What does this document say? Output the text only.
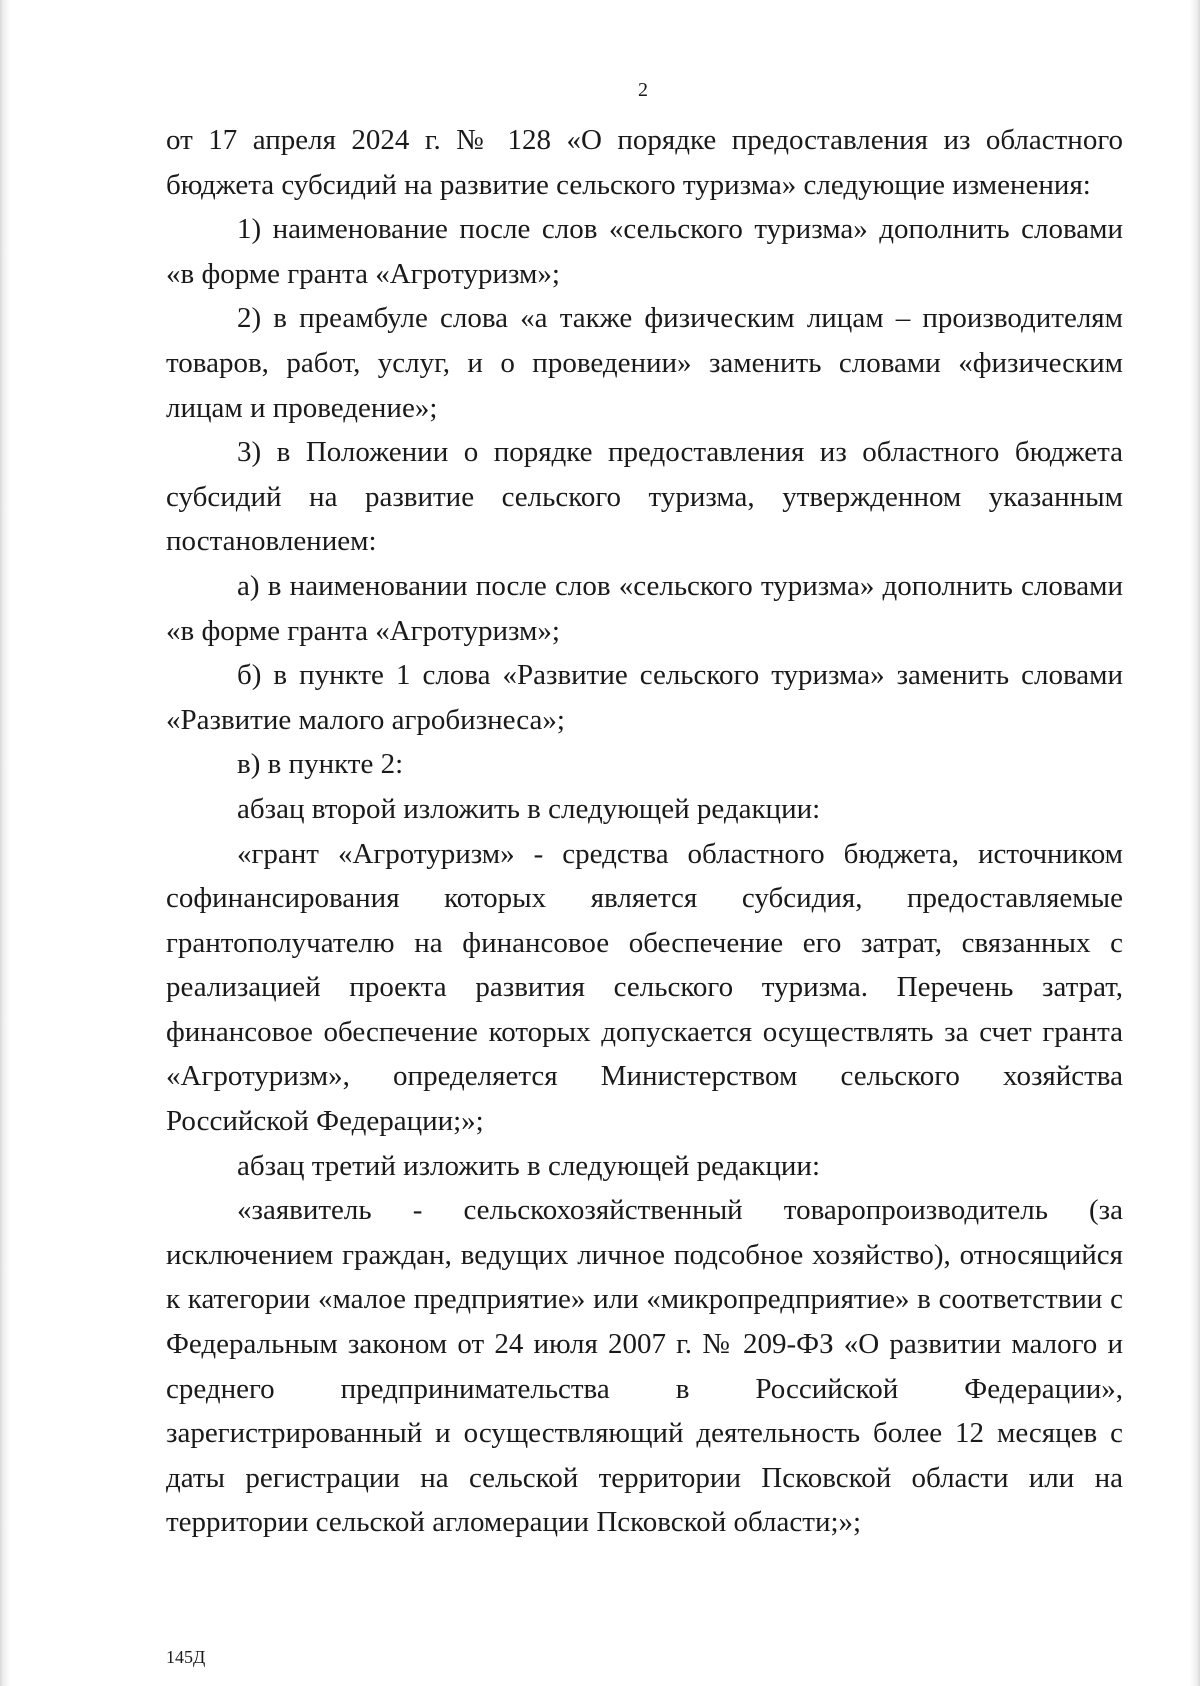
2

от 17 апреля 2024 г. № 128 «О порядке предоставления из областного бюджета субсидий на развитие сельского туризма» следующие изменения:

1) наименование после слов «сельского туризма» дополнить словами «в форме гранта «Агротуризм»;

2) в преамбуле слова «а также физическим лицам – производителям товаров, работ, услуг, и о проведении» заменить словами «физическим лицам и проведение»;

3) в Положении о порядке предоставления из областного бюджета субсидий на развитие сельского туризма, утвержденном указанным постановлением:

а) в наименовании после слов «сельского туризма» дополнить словами «в форме гранта «Агротуризм»;

б) в пункте 1 слова «Развитие сельского туризма» заменить словами «Развитие малого агробизнеса»;

в) в пункте 2:

абзац второй изложить в следующей редакции:

«грант «Агротуризм» - средства областного бюджета, источником софинансирования которых является субсидия, предоставляемые грантополучателю на финансовое обеспечение его затрат, связанных с реализацией проекта развития сельского туризма. Перечень затрат, финансовое обеспечение которых допускается осуществлять за счет гранта «Агротуризм», определяется Министерством сельского хозяйства Российской Федерации;»;

абзац третий изложить в следующей редакции:

«заявитель - сельскохозяйственный товаропроизводитель (за исключением граждан, ведущих личное подсобное хозяйство), относящийся к категории «малое предприятие» или «микропредприятие» в соответствии с Федеральным законом от 24 июля 2007 г. № 209-ФЗ «О развитии малого и среднего предпринимательства в Российской Федерации», зарегистрированный и осуществляющий деятельность более 12 месяцев с даты регистрации на сельской территории Псковской области или на территории сельской агломерации Псковской области;»;

145Д
